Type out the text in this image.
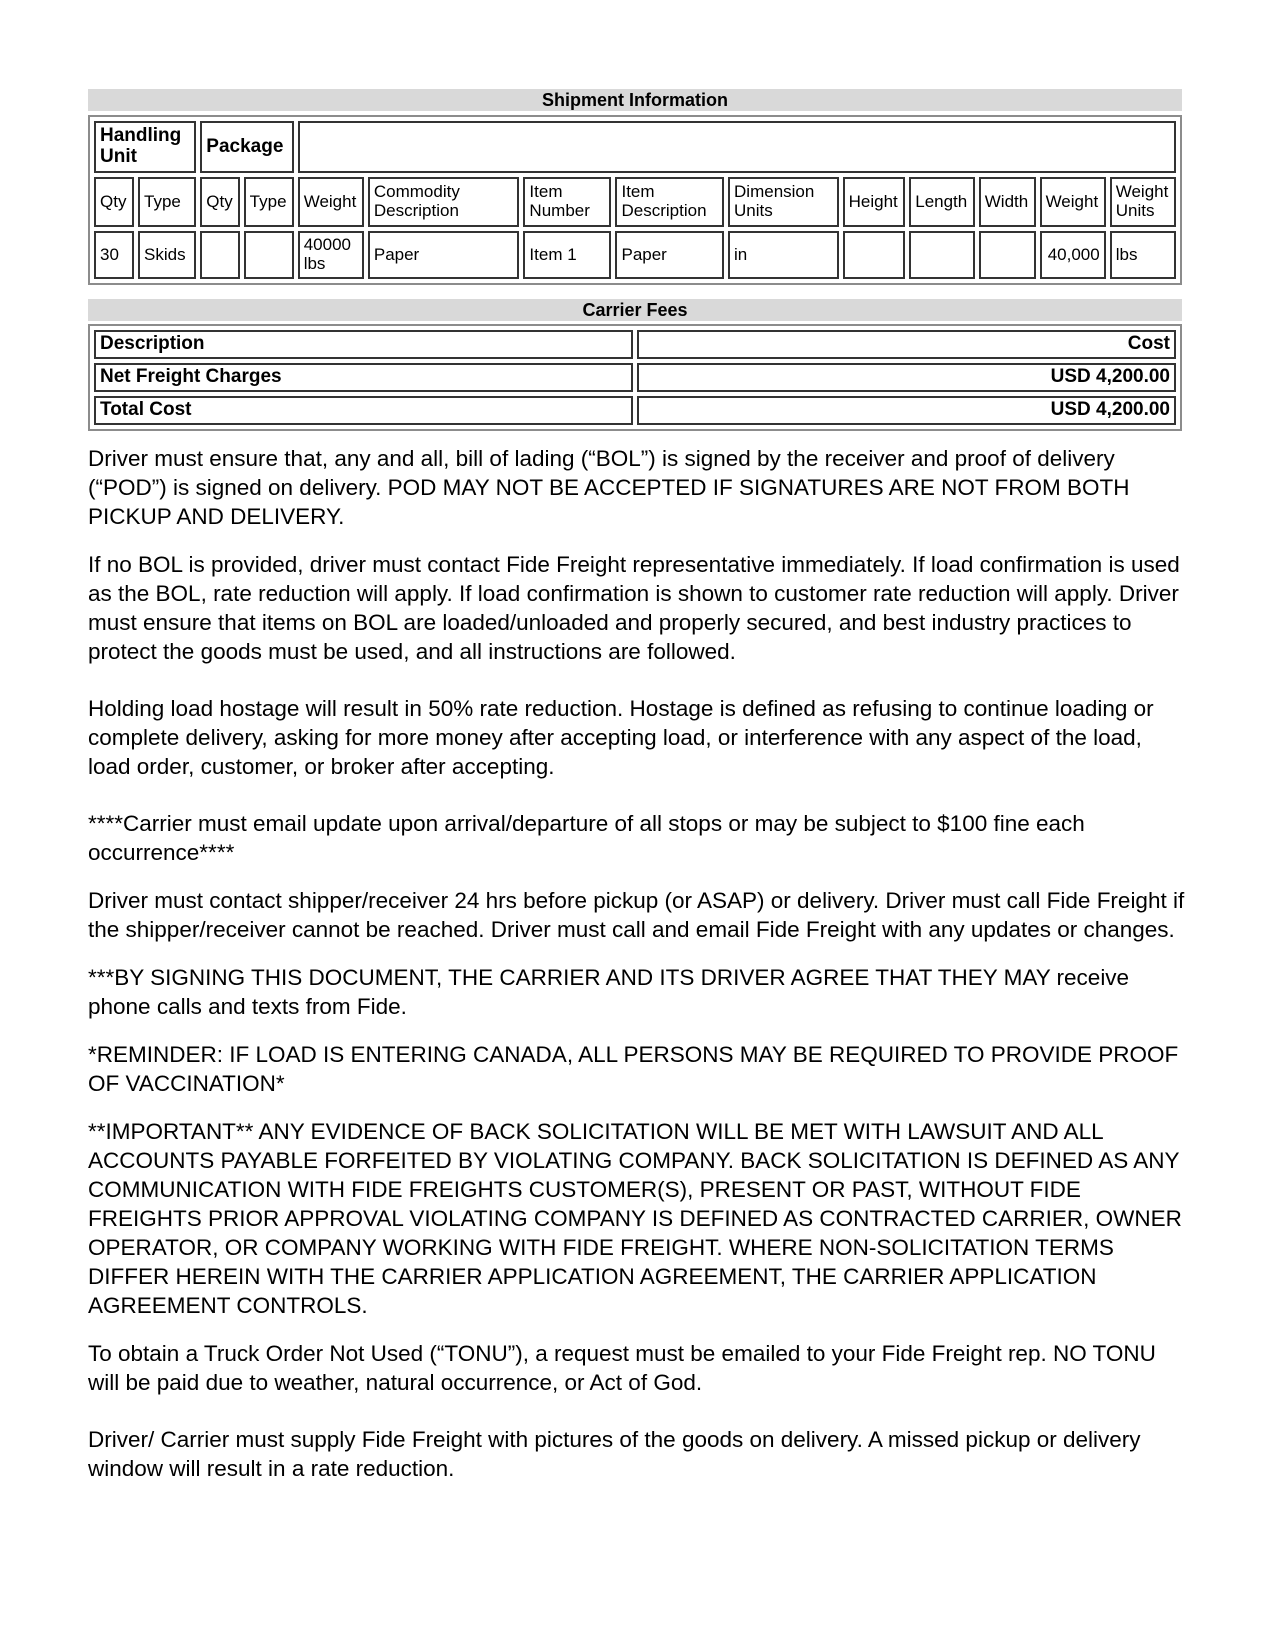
Shipment Information
Handling Unit		Package											
Qty	Type	Qty	Type	Weight	Commodity Description	Item Number	Item Description	Dimension Units	Height	Length	Width	Weight	Weight Units
30	Skids			40000 lbs	Paper	Item 1	Paper	in				40,000	lbs
Carrier Fees
Description	Cost
Net Freight Charges	USD 4,200.00
Total Cost	USD 4,200.00

Driver must ensure that, any and all, bill of lading (“BOL”) is signed by the receiver and proof of delivery (“POD”) is signed on delivery. POD MAY NOT BE ACCEPTED IF SIGNATURES ARE NOT FROM BOTH PICKUP AND DELIVERY.

If no BOL is provided, driver must contact Fide Freight representative immediately. If load confirmation is used as the BOL, rate reduction will apply. If load confirmation is shown to customer rate reduction will apply. Driver must ensure that items on BOL are loaded/unloaded and properly secured, and best industry practices to protect the goods must be used, and all instructions are followed.

Holding load hostage will result in 50% rate reduction. Hostage is defined as refusing to continue loading or complete delivery, asking for more money after accepting load, or interference with any aspect of the load, load order, customer, or broker after accepting.

****Carrier must email update upon arrival/departure of all stops or may be subject to $100 fine each occurrence****

Driver must contact shipper/receiver 24 hrs before pickup (or ASAP) or delivery. Driver must call Fide Freight if the shipper/receiver cannot be reached. Driver must call and email Fide Freight with any updates or changes.

***BY SIGNING THIS DOCUMENT, THE CARRIER AND ITS DRIVER AGREE THAT THEY MAY receive phone calls and texts from Fide.

*REMINDER: IF LOAD IS ENTERING CANADA, ALL PERSONS MAY BE REQUIRED TO PROVIDE PROOF OF VACCINATION*

**IMPORTANT** ANY EVIDENCE OF BACK SOLICITATION WILL BE MET WITH LAWSUIT AND ALL ACCOUNTS PAYABLE FORFEITED BY VIOLATING COMPANY. BACK SOLICITATION IS DEFINED AS ANY COMMUNICATION WITH FIDE FREIGHTS CUSTOMER(S), PRESENT OR PAST, WITHOUT FIDE FREIGHTS PRIOR APPROVAL VIOLATING COMPANY IS DEFINED AS CONTRACTED CARRIER, OWNER OPERATOR, OR COMPANY WORKING WITH FIDE FREIGHT. WHERE NON-SOLICITATION TERMS DIFFER HEREIN WITH THE CARRIER APPLICATION AGREEMENT, THE CARRIER APPLICATION AGREEMENT CONTROLS.

To obtain a Truck Order Not Used (“TONU”), a request must be emailed to your Fide Freight rep. NO TONU will be paid due to weather, natural occurrence, or Act of God.

Driver/ Carrier must supply Fide Freight with pictures of the goods on delivery. A missed pickup or delivery window will result in a rate reduction.
